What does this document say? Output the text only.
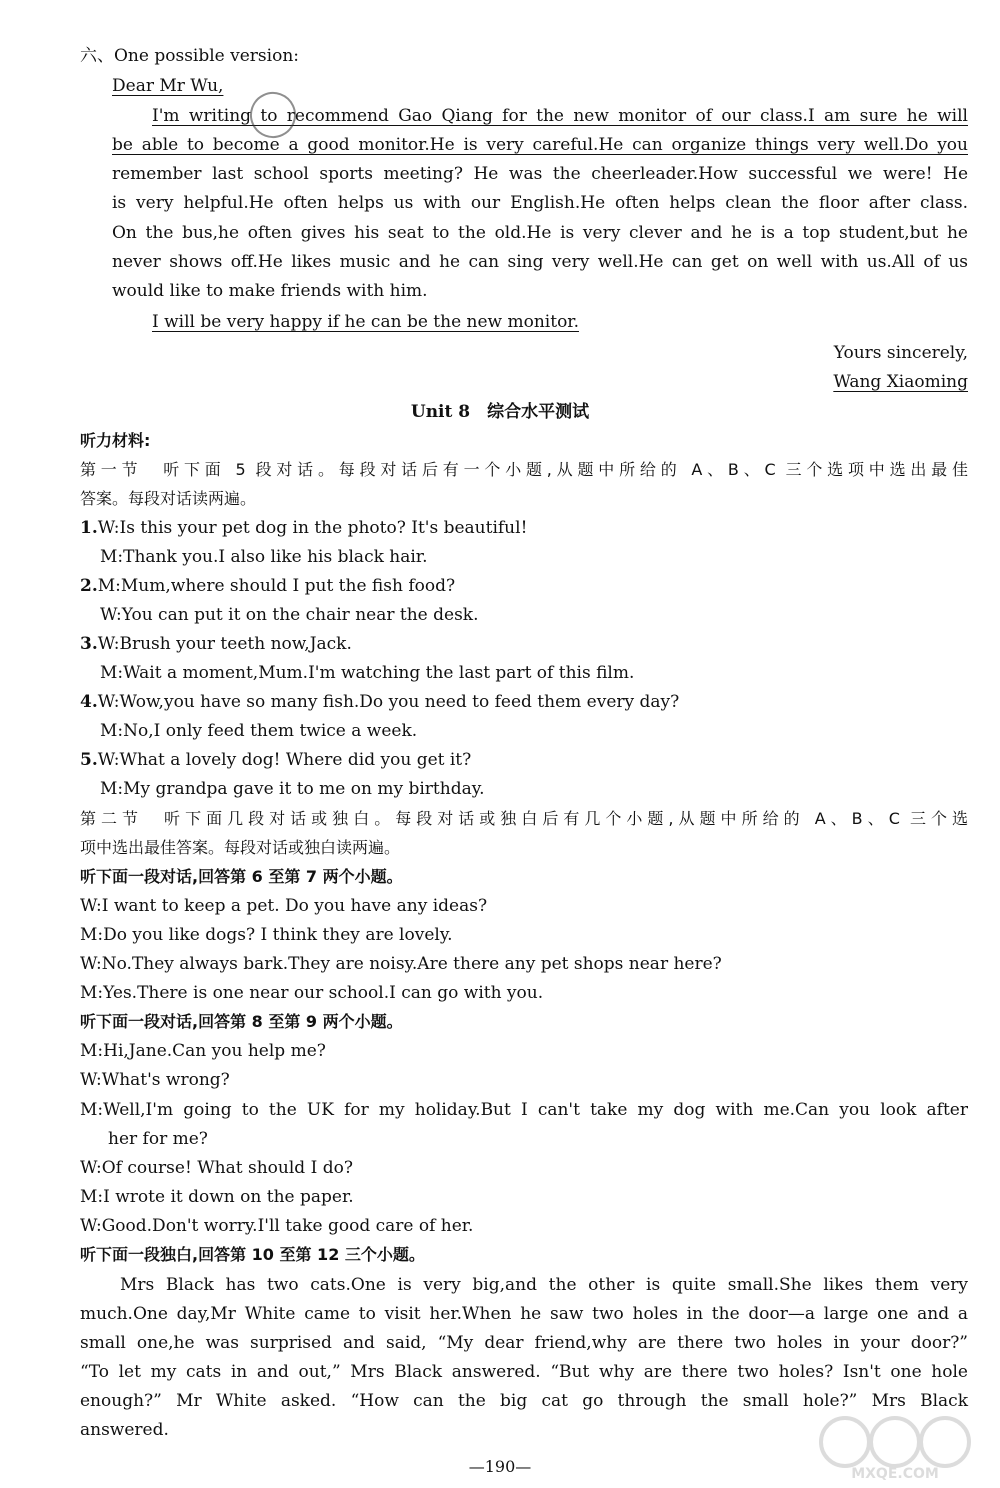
六、One possible version:
Dear Mr Wu,
I'm writing to recommend Gao Qiang for the new monitor of our class.I am sure he will
be able to become a good monitor.He is very careful.He can organize things very well.Do you
remember last school sports meeting? He was the cheerleader.How successful we were! He
is very helpful.He often helps us with our English.He often helps clean the floor after class.
On the bus,he often gives his seat to the old.He is very clever and he is a top student,but he
never shows off.He likes music and he can sing very well.He can get on well with us.All of us
would like to make friends with him.
I will be very happy if he can be the new monitor.
Yours sincerely,
Wang Xiaoming
Unit 8　综合水平测试
听力材料:
第一节　听下面 5 段对话。每段对话后有一个小题,从题中所给的 A、B、C 三个选项中选出最佳
答案。每段对话读两遍。
1.W:Is this your pet dog in the photo? It's beautiful!
M:Thank you.I also like his black hair.
2.M:Mum,where should I put the fish food?
W:You can put it on the chair near the desk.
3.W:Brush your teeth now,Jack.
M:Wait a moment,Mum.I'm watching the last part of this film.
4.W:Wow,you have so many fish.Do you need to feed them every day?
M:No,I only feed them twice a week.
5.W:What a lovely dog! Where did you get it?
M:My grandpa gave it to me on my birthday.
第二节　听下面几段对话或独白。每段对话或独白后有几个小题,从题中所给的 A、B、C 三个选
项中选出最佳答案。每段对话或独白读两遍。
听下面一段对话,回答第 6 至第 7 两个小题。
W:I want to keep a pet. Do you have any ideas?
M:Do you like dogs? I think they are lovely.
W:No.They always bark.They are noisy.Are there any pet shops near here?
M:Yes.There is one near our school.I can go with you.
听下面一段对话,回答第 8 至第 9 两个小题。
M:Hi,Jane.Can you help me?
W:What's wrong?
M:Well,I'm going to the UK for my holiday.But I can't take my dog with me.Can you look after
her for me?
W:Of course! What should I do?
M:I wrote it down on the paper.
W:Good.Don't worry.I'll take good care of her.
听下面一段独白,回答第 10 至第 12 三个小题。
Mrs Black has two cats.One is very big,and the other is quite small.She likes them very
much.One day,Mr White came to visit her.When he saw two holes in the door—a large one and a
small one,he was surprised and said, “My dear friend,why are there two holes in your door?”
“To let my cats in and out,” Mrs Black answered. “But why are there two holes? Isn't one hole
enough?” Mr White asked. “How can the big cat go through the small hole?” Mrs Black
answered.
—190—	MXQE.COM
